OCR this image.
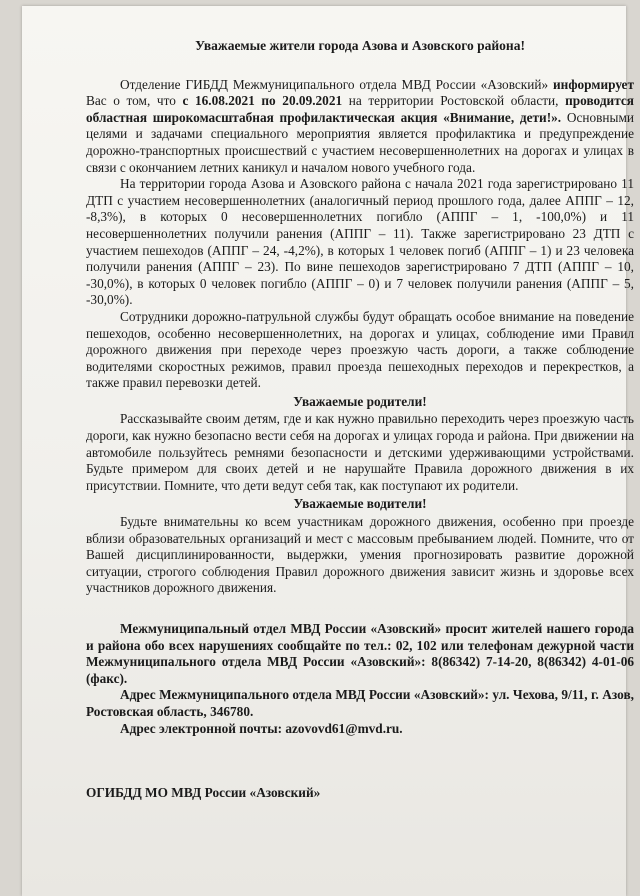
Уважаемые жители города Азова и Азовского района!

Отделение ГИБДД Межмуниципального отдела МВД России «Азовский» информирует Вас о том, что с 16.08.2021 по 20.09.2021 на территории Ростовской области, проводится областная широкомасштабная профилактическая акция «Внимание, дети!». Основными целями и задачами специального мероприятия является профилактика и предупреждение дорожно-транспортных происшествий с участием несовершеннолетних на дорогах и улицах в связи с окончанием летних каникул и началом нового учебного года.

На территории города Азова и Азовского района с начала 2021 года зарегистрировано 11 ДТП с участием несовершеннолетних (аналогичный период прошлого года, далее АППГ – 12, -8,3%), в которых 0 несовершеннолетних погибло (АППГ – 1, -100,0%) и 11 несовершеннолетних получили ранения (АППГ – 11). Также зарегистрировано 23 ДТП с участием пешеходов (АППГ – 24, -4,2%), в которых 1 человек погиб (АППГ – 1) и 23 человека получили ранения (АППГ – 23). По вине пешеходов зарегистрировано 7 ДТП (АППГ – 10, -30,0%), в которых 0 человек погибло (АППГ – 0) и 7 человек получили ранения (АППГ – 5, -30,0%).

Сотрудники дорожно-патрульной службы будут обращать особое внимание на поведение пешеходов, особенно несовершеннолетних, на дорогах и улицах, соблюдение ими Правил дорожного движения при переходе через проезжую часть дороги, а также соблюдение водителями скоростных режимов, правил проезда пешеходных переходов и перекрестков, а также правил перевозки детей.

Уважаемые родители!

Рассказывайте своим детям, где и как нужно правильно переходить через проезжую часть дороги, как нужно безопасно вести себя на дорогах и улицах города и района. При движении на автомобиле пользуйтесь ремнями безопасности и детскими удерживающими устройствами. Будьте примером для своих детей и не нарушайте Правила дорожного движения в их присутствии. Помните, что дети ведут себя так, как поступают их родители.

Уважаемые водители!

Будьте внимательны ко всем участникам дорожного движения, особенно при проезде вблизи образовательных организаций и мест с массовым пребыванием людей. Помните, что от Вашей дисциплинированности, выдержки, умения прогнозировать развитие дорожной ситуации, строгого соблюдения Правил дорожного движения зависит жизнь и здоровье всех участников дорожного движения.

Межмуниципальный отдел МВД России «Азовский» просит жителей нашего города и района обо всех нарушениях сообщайте по тел.: 02, 102 или телефонам дежурной части Межмуниципального отдела МВД России «Азовский»: 8(86342) 7-14-20, 8(86342) 4-01-06 (факс).

Адрес Межмуниципального отдела МВД России «Азовский»: ул. Чехова, 9/11, г. Азов, Ростовская область, 346780.

Адрес электронной почты: azovovd61@mvd.ru.

ОГИБДД МО МВД России «Азовский»
